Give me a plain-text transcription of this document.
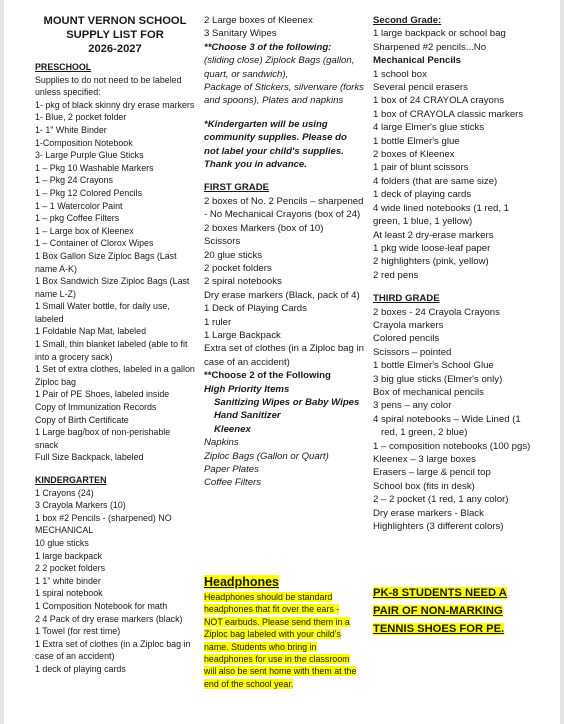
MOUNT VERNON SCHOOL
SUPPLY LIST FOR
2026-2027
PRESCHOOL
Supplies to do not need to be labeled unless specified:
1- pkg of black skinny dry erase markers
1- Blue, 2 pocket folder
1- 1" White Binder
1-Composition Notebook
3- Large Purple Glue Sticks
1 – Pkg 10 Washable Markers
1 – Pkg 24 Crayons
1 – Pkg 12 Colored Pencils
1 – 1 Watercolor Paint
1 – pkg Coffee Filters
1 – Large box of Kleenex
1 – Container of Clorox Wipes
1 Box Gallon Size Ziploc Bags (Last name A-K)
1 Box Sandwich Size Ziploc Bags (Last name L-Z)
1 Small Water bottle, for daily use, labeled
1 Foldable Nap Mat, labeled
1 Small, thin blanket labeled (able to fit into a grocery sack)
1 Set of extra clothes, labeled in a gallon Ziploc bag
1 Pair of PE Shoes, labeled inside
Copy of Immunization Records
Copy of Birth Certificate
1 Large bag/box of non-perishable snack
Full Size Backpack, labeled
KINDERGARTEN
1 Crayons (24)
3 Crayola Markers (10)
1 box #2 Pencils - (sharpened) NO MECHANICAL
10 glue sticks
1 large backpack
2 2 pocket folders
1 1" white binder
1 spiral notebook
1 Composition Notebook for math
2 4 Pack of dry erase markers (black)
1 Towel (for rest time)
1 Extra set of clothes (in a Ziploc bag in case of an accident)
1 deck of playing cards
2 Large boxes of Kleenex
3 Sanitary Wipes
**Choose 3 of the following:
(sliding close) Ziplock Bags (gallon, quart, or sandwich),
Package of Stickers, silverware (forks and spoons), Plates and napkins
*Kindergarten will be using community supplies. Please do not label your child's supplies. Thank you in advance.
FIRST GRADE
2 boxes of No. 2 Pencils – sharpened - No Mechanical Crayons (box of 24)
2 boxes Markers (box of 10)
Scissors
20 glue sticks
2 pocket folders
2 spiral notebooks
Dry erase markers (Black, pack of 4)
1 Deck of Playing Cards
1 ruler
1 Large Backpack
Extra set of clothes (in a Ziploc bag in case of an accident)
**Choose 2 of the Following
High Priority Items
Sanitizing Wipes or Baby Wipes
Hand Sanitizer
Kleenex
Napkins
Ziploc Bags (Gallon or Quart)
Paper Plates
Coffee Filters
Second Grade:
1 large backpack or school bag
Sharpened #2 pencils...No
Mechanical Pencils
1 school box
Several pencil erasers
1 box of 24 CRAYOLA crayons
1 box of CRAYOLA classic markers
4 large Elmer's glue sticks
1 bottle Elmer's glue
2 boxes of Kleenex
1 pair of blunt scissors
4 folders (that are same size)
1 deck of playing cards
4 wide lined notebooks (1 red, 1 green, 1 blue, 1 yellow)
At least 2 dry-erase markers
1 pkg wide loose-leaf paper
2 highlighters (pink, yellow)
2 red pens
THIRD GRADE
2 boxes - 24 Crayola Crayons
Crayola markers
Colored pencils
Scissors – pointed
1 bottle Elmer's School Glue
3 big glue sticks (Elmer's only)
Box of mechanical pencils
3 pens – any color
4 spiral notebooks – Wide Lined (1 red, 1 green, 2 blue)
1 – composition notebooks (100 pgs)
Kleenex – 3 large boxes
Erasers – large & pencil top
School box (fits in desk)
2 – 2 pocket (1 red, 1 any color)
Dry erase markers - Black
Highlighters (3 different colors)
Headphones
Headphones should be standard headphones that fit over the ears - NOT earbuds. Please send them in a Ziploc bag labeled with your child's name. Students who bring in headphones for use in the classroom will also be sent home with them at the end of the school year.
PK-8 STUDENTS NEED A PAIR OF NON-MARKING TENNIS SHOES FOR PE.
